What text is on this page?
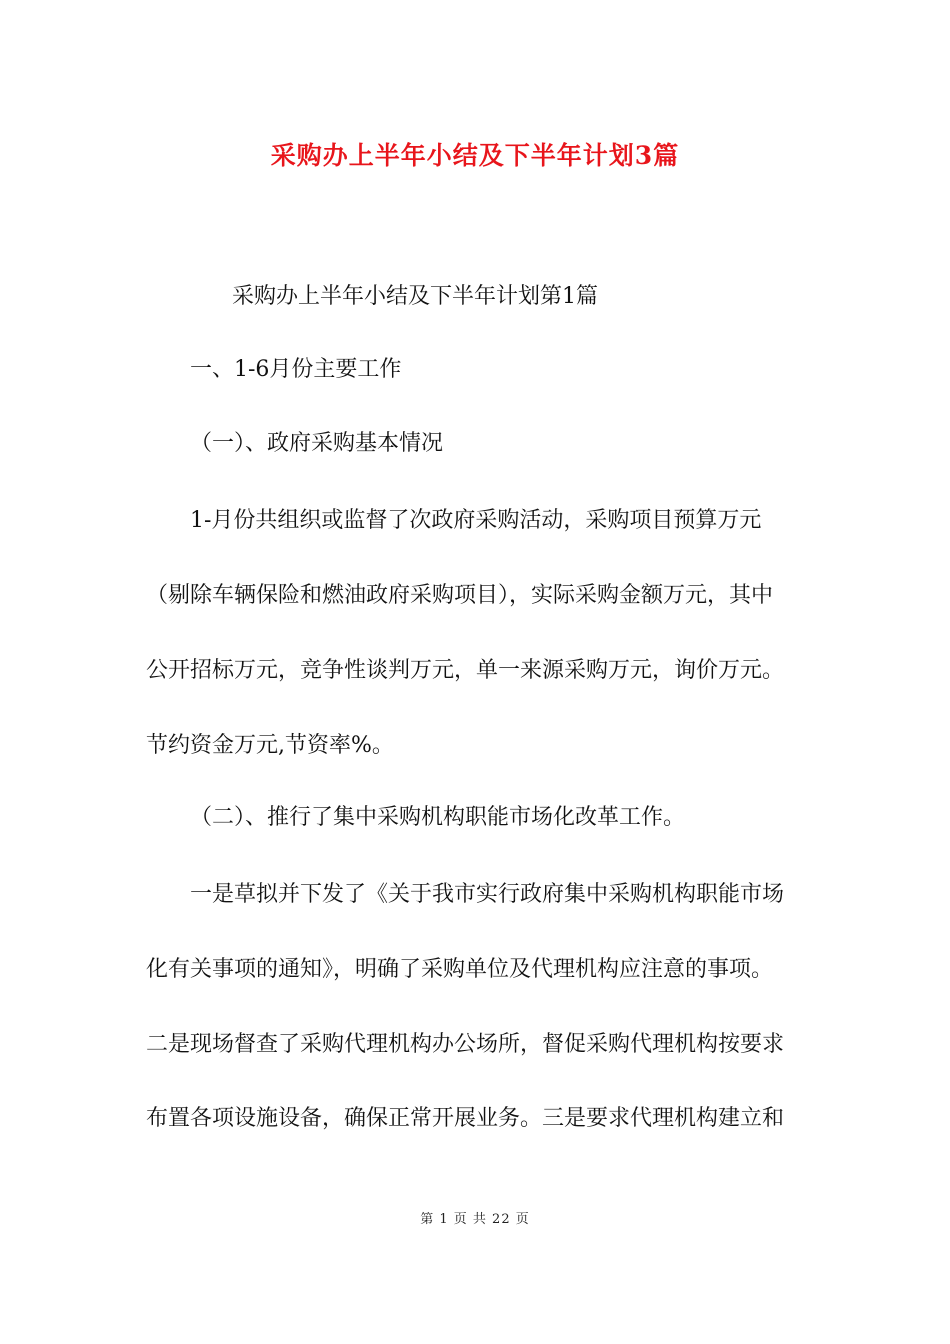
采购办上半年小结及下半年计划3篇
采购办上半年小结及下半年计划第1篇
一、1-6月份主要工作
（一）、政府采购基本情况
1-月份共组织或监督了次政府采购活动，采购项目预算万元
（剔除车辆保险和燃油政府采购项目），实际采购金额万元，其中
公开招标万元，竞争性谈判万元，单一来源采购万元，询价万元。
节约资金万元,节资率%。
（二）、推行了集中采购机构职能市场化改革工作。
一是草拟并下发了《关于我市实行政府集中采购机构职能市场
化有关事项的通知》，明确了采购单位及代理机构应注意的事项。
二是现场督查了采购代理机构办公场所，督促采购代理机构按要求
布置各项设施设备，确保正常开展业务。三是要求代理机构建立和
第 1 页 共 22 页
